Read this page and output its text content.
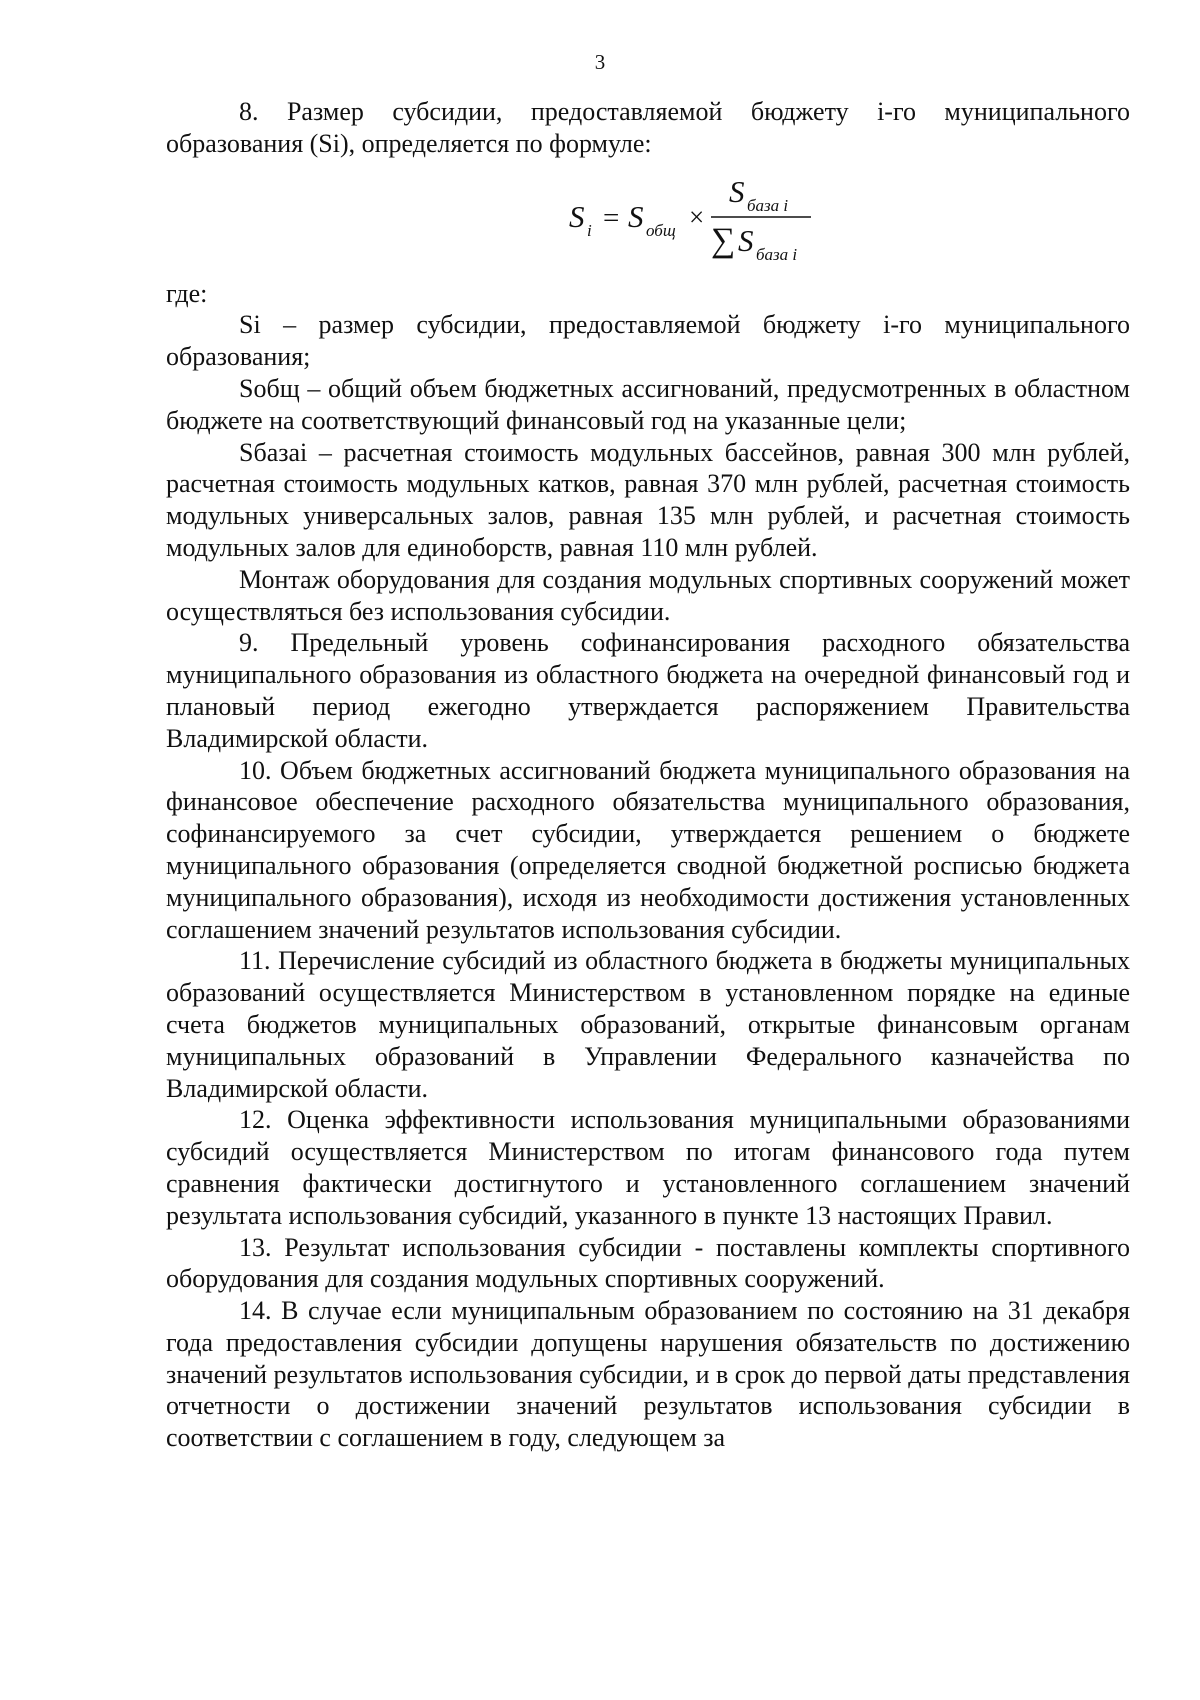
3

8. Размер субсидии, предоставляемой бюджету i-го муниципального образования (Si), определяется по формуле:

S i = S общ ×
S база i
∑ S база i

где:

Si – размер субсидии, предоставляемой бюджету i-го муниципального образования;

Sобщ – общий объем бюджетных ассигнований, предусмотренных в областном бюджете на соответствующий финансовый год на указанные цели;

Sбазаi – расчетная стоимость модульных бассейнов, равная 300 млн рублей, расчетная стоимость модульных катков, равная 370 млн рублей, расчетная стоимость модульных универсальных залов, равная 135 млн рублей, и расчетная стоимость модульных залов для единоборств, равная 110 млн рублей.

Монтаж оборудования для создания модульных спортивных сооружений может осуществляться без использования субсидии.

9. Предельный уровень софинансирования расходного обязательства муниципального образования из областного бюджета на очередной финансовый год и плановый период ежегодно утверждается распоряжением Правительства Владимирской области.

10. Объем бюджетных ассигнований бюджета муниципального образования на финансовое обеспечение расходного обязательства муниципального образования, софинансируемого за счет субсидии, утверждается решением о бюджете муниципального образования (определяется сводной бюджетной росписью бюджета муниципального образования), исходя из необходимости достижения установленных соглашением значений результатов использования субсидии.

11. Перечисление субсидий из областного бюджета в бюджеты муниципальных образований осуществляется Министерством в установленном порядке на единые счета бюджетов муниципальных образований, открытые финансовым органам муниципальных образований в Управлении Федерального казначейства по Владимирской области.

12. Оценка эффективности использования муниципальными образованиями субсидий осуществляется Министерством по итогам финансового года путем сравнения фактически достигнутого и установленного соглашением значений результата использования субсидий, указанного в пункте 13 настоящих Правил.

13. Результат использования субсидии - поставлены комплекты спортивного оборудования для создания модульных спортивных сооружений.

14. В случае если муниципальным образованием по состоянию на 31 декабря года предоставления субсидии допущены нарушения обязательств по достижению значений результатов использования субсидии, и в срок до первой даты представления отчетности о достижении значений результатов использования субсидии в соответствии с соглашением в году, следующем за
